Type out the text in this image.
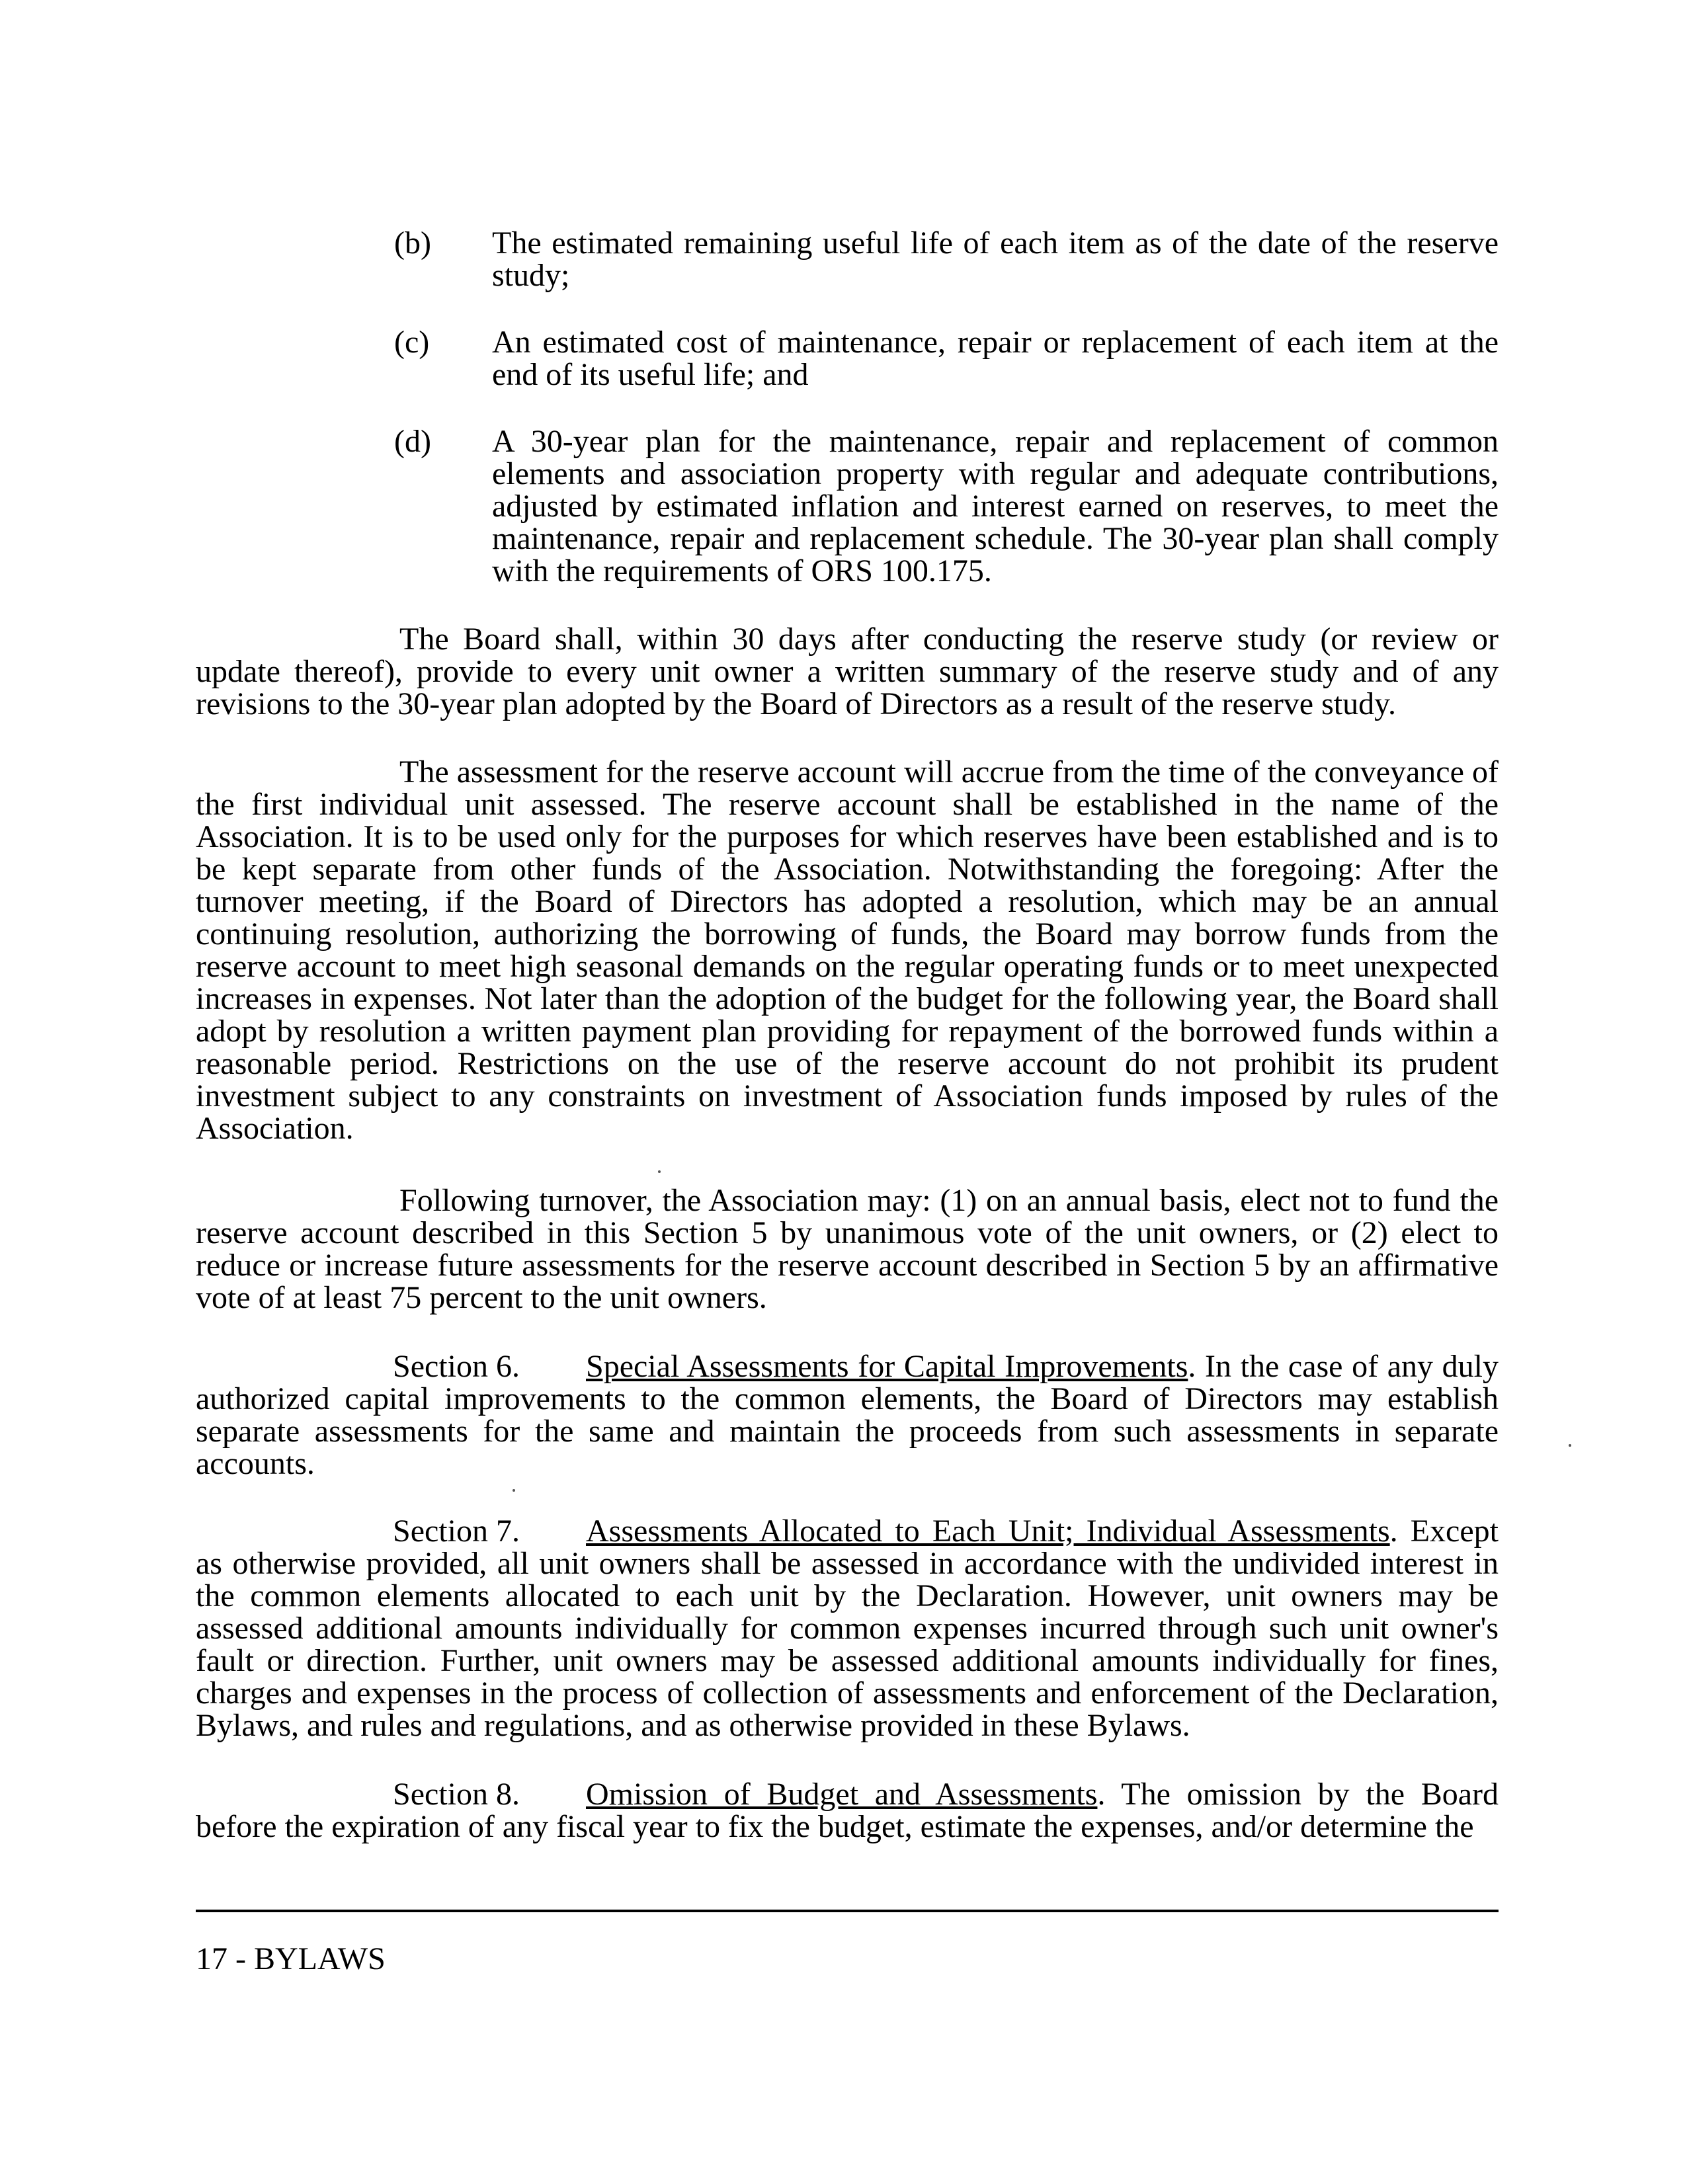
(b) The estimated remaining useful life of each item as of the date of the reserve study;
(c) An estimated cost of maintenance, repair or replacement of each item at the end of its useful life; and
(d) A 30-year plan for the maintenance, repair and replacement of common elements and association property with regular and adequate contributions, adjusted by estimated inflation and interest earned on reserves, to meet the maintenance, repair and replacement schedule. The 30-year plan shall comply with the requirements of ORS 100.175.
The Board shall, within 30 days after conducting the reserve study (or review or update thereof), provide to every unit owner a written summary of the reserve study and of any revisions to the 30-year plan adopted by the Board of Directors as a result of the reserve study.
The assessment for the reserve account will accrue from the time of the conveyance of the first individual unit assessed. The reserve account shall be established in the name of the Association. It is to be used only for the purposes for which reserves have been established and is to be kept separate from other funds of the Association. Notwithstanding the foregoing: After the turnover meeting, if the Board of Directors has adopted a resolution, which may be an annual continuing resolution, authorizing the borrowing of funds, the Board may borrow funds from the reserve account to meet high seasonal demands on the regular operating funds or to meet unexpected increases in expenses. Not later than the adoption of the budget for the following year, the Board shall adopt by resolution a written payment plan providing for repayment of the borrowed funds within a reasonable period. Restrictions on the use of the reserve account do not prohibit its prudent investment subject to any constraints on investment of Association funds imposed by rules of the Association.
Following turnover, the Association may: (1) on an annual basis, elect not to fund the reserve account described in this Section 5 by unanimous vote of the unit owners, or (2) elect to reduce or increase future assessments for the reserve account described in Section 5 by an affirmative vote of at least 75 percent to the unit owners.
Section 6. Special Assessments for Capital Improvements. In the case of any duly authorized capital improvements to the common elements, the Board of Directors may establish separate assessments for the same and maintain the proceeds from such assessments in separate accounts.
Section 7. Assessments Allocated to Each Unit; Individual Assessments. Except as otherwise provided, all unit owners shall be assessed in accordance with the undivided interest in the common elements allocated to each unit by the Declaration. However, unit owners may be assessed additional amounts individually for common expenses incurred through such unit owner's fault or direction. Further, unit owners may be assessed additional amounts individually for fines, charges and expenses in the process of collection of assessments and enforcement of the Declaration, Bylaws, and rules and regulations, and as otherwise provided in these Bylaws.
Section 8. Omission of Budget and Assessments. The omission by the Board before the expiration of any fiscal year to fix the budget, estimate the expenses, and/or determine the
17 - BYLAWS
